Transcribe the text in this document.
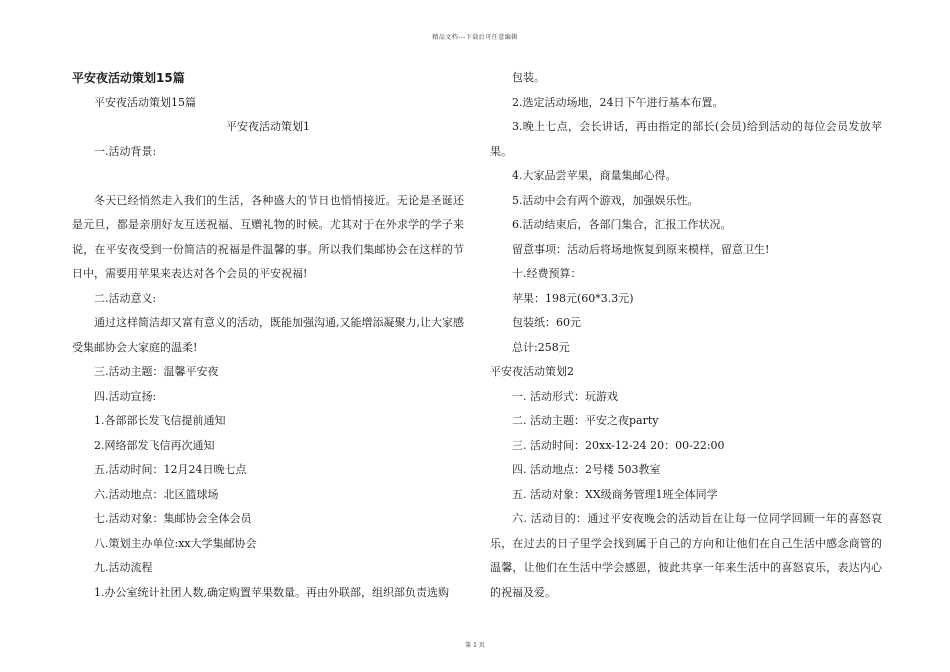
精品文档---下载后可任意编辑
平安夜活动策划15篇
平安夜活动策划15篇
平安夜活动策划1
一.活动背景:
冬天已经悄然走入我们的生活，各种盛大的节日也悄悄接近。无论是圣诞还是元旦，都是亲朋好友互送祝福、互赠礼物的时候。尤其对于在外求学的学子来说，在平安夜受到一份简洁的祝福是件温馨的事。所以我们集邮协会在这样的节日中，需要用苹果来表达对各个会员的平安祝福!
二.活动意义:
通过这样简洁却又富有意义的活动，既能加强沟通,又能增添凝聚力,让大家感受集邮协会大家庭的温柔!
三.活动主题：温馨平安夜
四.活动宣扬:
1.各部部长发飞信提前通知
2.网络部发飞信再次通知
五.活动时间：12月24日晚七点
六.活动地点：北区篮球场
七.活动对象：集邮协会全体会员
八.策划主办单位:xx大学集邮协会
九.活动流程
1.办公室统计社团人数,确定购置苹果数量。再由外联部，组织部负责选购
包装。
2.选定活动场地，24日下午进行基本布置。
3.晚上七点，会长讲话，再由指定的部长(会员)给到活动的每位会员发放苹果。
4.大家品尝苹果，商量集邮心得。
5.活动中会有两个游戏，加强娱乐性。
6.活动结束后，各部门集合，汇报工作状况。
留意事项：活动后将场地恢复到原来模样，留意卫生!
十.经费预算：
苹果：198元(60*3.3元)
包装纸：60元
总计:258元
平安夜活动策划2
一. 活动形式：玩游戏
二. 活动主题：平安之夜party
三. 活动时间：20xx-12-24 20：00-22:00
四. 活动地点：2号楼 503教室
五. 活动对象：XX级商务管理1班全体同学
六. 活动目的：通过平安夜晚会的活动旨在让每一位同学回顾一年的喜怒哀乐，在过去的日子里学会找到属于自己的方向和让他们在自己生活中感念商管的温馨，让他们在生活中学会感恩，彼此共享一年来生活中的喜怒哀乐，表达内心的祝福及爱。
第 1 页
